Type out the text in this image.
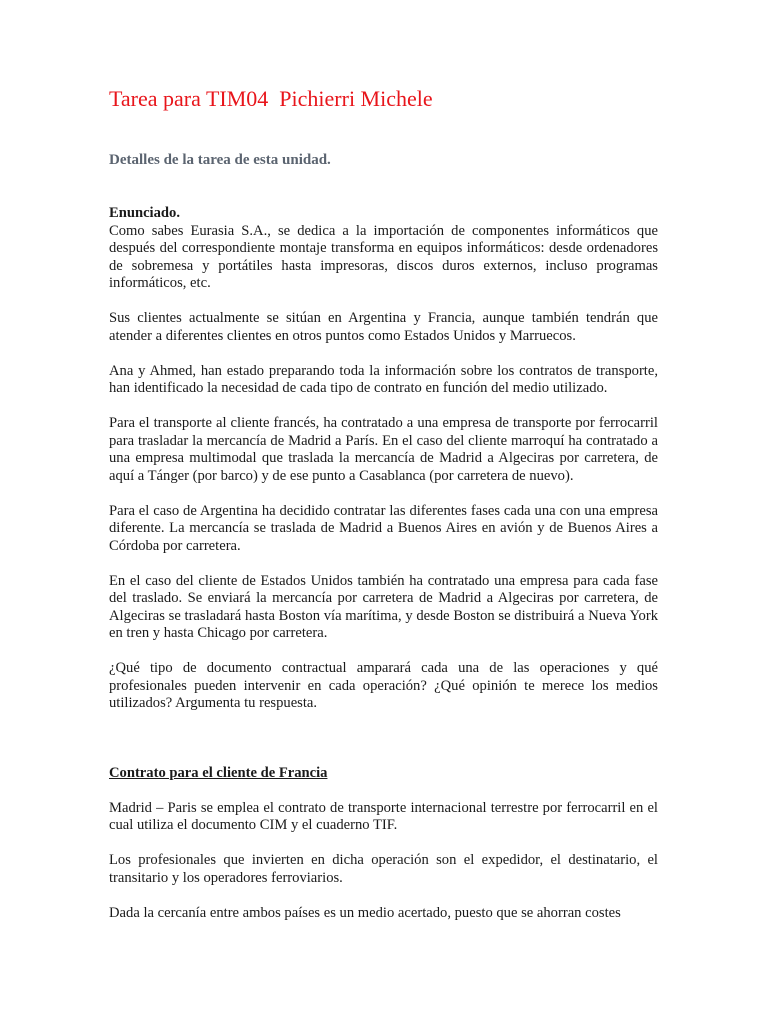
Tarea para TIM04  Pichierri Michele
Detalles de la tarea de esta unidad.
Enunciado.

Como sabes Eurasia S.A., se dedica a la importación de componentes informáticos que después del correspondiente montaje transforma en equipos informáticos: desde ordenadores de sobremesa y portátiles hasta impresoras, discos duros externos, incluso programas informáticos, etc.

Sus clientes actualmente se sitúan en Argentina y Francia, aunque también tendrán que atender a diferentes clientes en otros puntos como Estados Unidos y Marruecos.

Ana y Ahmed, han estado preparando toda la información sobre los contratos de transporte, han identificado la necesidad de cada tipo de contrato en función del medio utilizado.

Para el transporte al cliente francés, ha contratado a una empresa de transporte por ferrocarril para trasladar la mercancía de Madrid a París. En el caso del cliente marroquí ha contratado a una empresa multimodal que traslada la mercancía de Madrid a Algeciras por carretera, de aquí a Tánger (por barco) y de ese punto a Casablanca (por carretera de nuevo).

Para el caso de Argentina ha decidido contratar las diferentes fases cada una con una empresa diferente. La mercancía se traslada de Madrid a Buenos Aires en avión y de Buenos Aires a Córdoba por carretera.

En el caso del cliente de Estados Unidos también ha contratado una empresa para cada fase del traslado. Se enviará la mercancía por carretera de Madrid a Algeciras por carretera, de Algeciras se trasladará hasta Boston vía marítima, y desde Boston se distribuirá a Nueva York en tren y hasta Chicago por carretera.

¿Qué tipo de documento contractual amparará cada una de las operaciones y qué profesionales pueden intervenir en cada operación? ¿Qué opinión te merece los medios utilizados? Argumenta tu respuesta.

Contrato para el cliente de Francia

Madrid – Paris se emplea el contrato de transporte internacional terrestre por ferrocarril en el cual utiliza el documento CIM y el cuaderno TIF.

Los profesionales que invierten en dicha operación son el expedidor, el destinatario, el transitario y los operadores ferroviarios.

Dada la cercanía entre ambos países es un medio acertado, puesto que se ahorran costes
